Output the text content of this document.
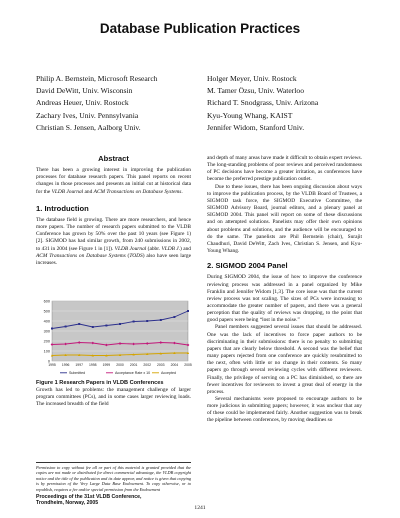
Database Publication Practices
Philip A. Bernstein, Microsoft Research
David DeWitt, Univ. Wisconsin
Andreas Heuer, Univ. Rostock
Zachary Ives, Univ. Pennsylvania
Christian S. Jensen, Aalborg Univ.
Holger Meyer, Univ. Rostock
M. Tamer Özsu, Univ. Waterloo
Richard T. Snodgrass, Univ. Arizona
Kyu-Young Whang, KAIST
Jennifer Widom, Stanford Univ.

Abstract

There has been a growing interest in improving the publication processes for database research papers. This panel reports on recent changes in those processes and presents an initial cut at historical data for the VLDB Journal and ACM Transactions on Database Systems.

1. Introduction

The database field is growing. There are more researchers, and hence more papers. The number of research papers submitted to the VLDB Conference has grown by 50% over the past 10 years (see Figure 1) [2]. SIGMOD has had similar growth, from 240 submissions in 2002, to 431 in 2004 (see Figure 1 in [1]). VLDB Journal (abbr. VLDB J.) and ACM Transactions on Database Systems (TODS) also have seen large increases.

0
100
200
300
400
500
600
1995 1996 1997 1998 1999 2000 2001 2002 2003 2004 2005
Submitted	Acceptance Rate x 10	Accepted

Figure 1 Research Papers in VLDB Conferences

Growth has led to problems: the management challenge of larger program committees (PCs), and in some cases larger reviewing loads. The increased breadth of the field

Permission to copy without fee all or part of this material is granted provided that the copies are not made or distributed for direct commercial advantage, the VLDB copyright notice and the title of the publication and its date appear, and notice is given that copying is by permission of the Very Large Data Base Endowment. To copy otherwise, or to republish, requires a fee and/or special permission from the Endowment

Proceedings of the 31st VLDB Conference,

Trondheim, Norway, 2005

and depth of many areas have made it difficult to obtain expert reviews. The long-standing problems of poor reviews and perceived randomness of PC decisions have become a greater irritation, as conferences have become the preferred prestige publication outlet.

Due to these issues, there has been ongoing discussion about ways to improve the publication process, by the VLDB Board of Trustees, a SIGMOD task force, the SIGMOD Executive Committee, the SIGMOD Advisory Board, journal editors, and a plenary panel at SIGMOD 2004. This panel will report on some of these discussions and on attempted solutions. Panelists may offer their own opinions about problems and solutions, and the audience will be encouraged to do the same. The panelists are Phil Bernstein (chair), Surajit Chaudhuri, David DeWitt, Zach Ives, Christian S. Jensen, and Kyu-Young Whang.

2. SIGMOD 2004 Panel

During SIGMOD 2004, the issue of how to improve the conference reviewing process was addressed in a panel organized by Mike Franklin and Jennifer Widom [1,3]. The core issue was that the current review process was not scaling. The sizes of PCs were increasing to accommodate the greater number of papers, and there was a general perception that the quality of reviews was dropping, to the point that good papers were being “lost in the noise.”

Panel members suggested several issues that should be addressed. One was the lack of incentives to force paper authors to be discriminating in their submissions: there is no penalty to submitting papers that are clearly below threshold. A second was the belief that many papers rejected from one conference are quickly resubmitted to the next, often with little or no change in their contents. So many papers go through several reviewing cycles with different reviewers. Finally, the privilege of serving on a PC has diminished, so there are fewer incentives for reviewers to invest a great deal of energy in the process.

Several mechanisms were proposed to encourage authors to be more judicious in submitting papers; however, it was unclear that any of these could be implemented fairly. Another suggestion was to break the pipeline between conferences, by moving deadlines so

1241
